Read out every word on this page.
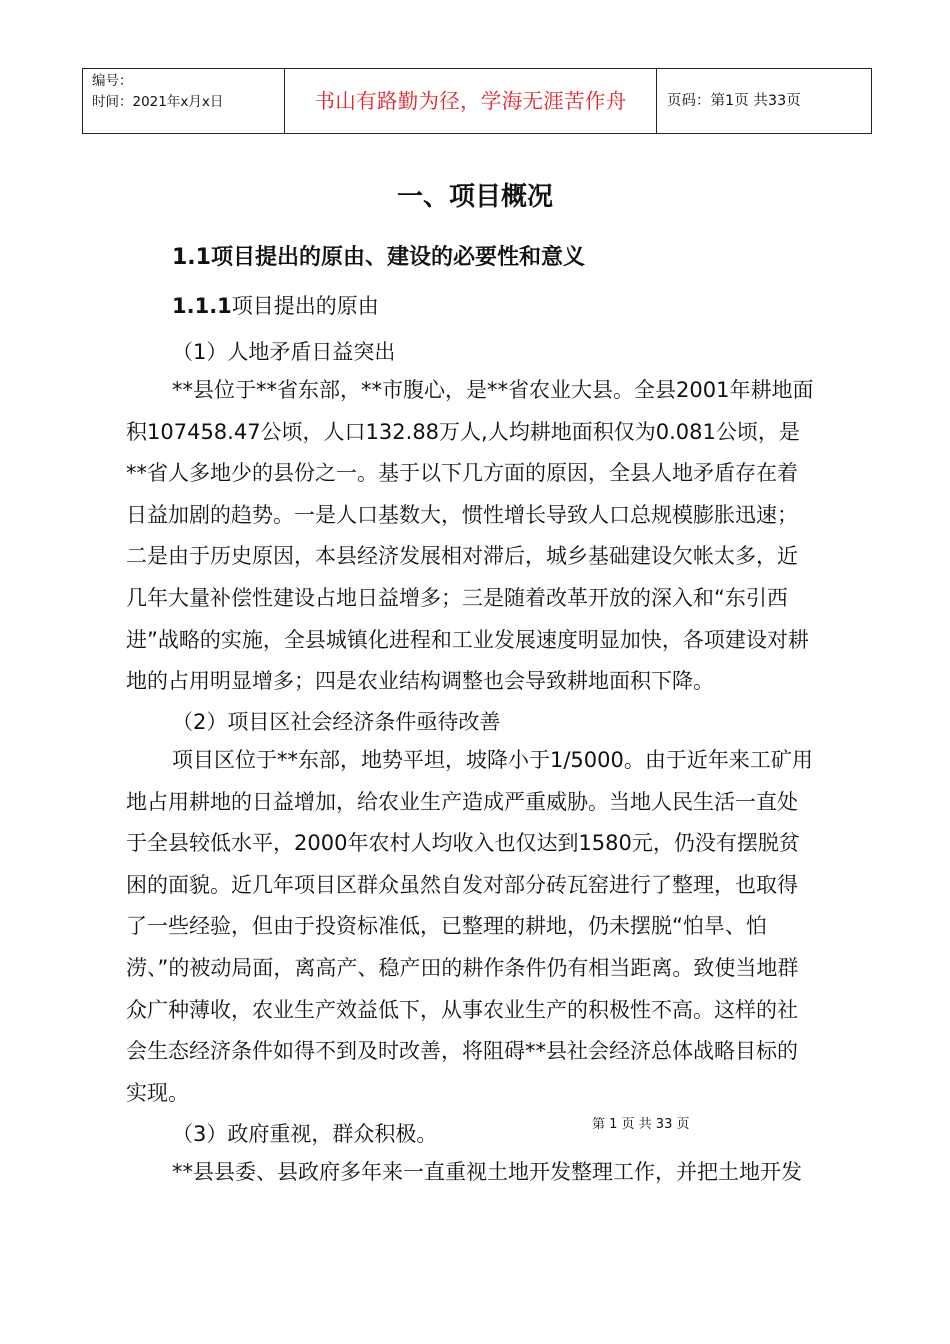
编号：
时间：2021年x月x日	书山有路勤为径，学海无涯苦作舟	页码：第1页 共33页
一、项目概况
1.1项目提出的原由、建设的必要性和意义
1.1.1项目提出的原由
（1）人地矛盾日益突出
**县位于**省东部，**市腹心，是**省农业大县。全县2001年耕地面
积107458.47公顷，人口132.88万人,人均耕地面积仅为0.081公顷，是
**省人多地少的县份之一。基于以下几方面的原因，全县人地矛盾存在着
日益加剧的趋势。一是人口基数大，惯性增长导致人口总规模膨胀迅速；
二是由于历史原因，本县经济发展相对滞后，城乡基础建设欠帐太多，近
几年大量补偿性建设占地日益增多；三是随着改革开放的深入和“东引西
进”战略的实施，全县城镇化进程和工业发展速度明显加快，各项建设对耕
地的占用明显增多；四是农业结构调整也会导致耕地面积下降。
（2）项目区社会经济条件亟待改善
项目区位于**东部，地势平坦，坡降小于1/5000。由于近年来工矿用
地占用耕地的日益增加，给农业生产造成严重威胁。当地人民生活一直处
于全县较低水平，2000年农村人均收入也仅达到1580元，仍没有摆脱贫
困的面貌。近几年项目区群众虽然自发对部分砖瓦窑进行了整理，也取得
了一些经验，但由于投资标准低，已整理的耕地，仍未摆脱“怕旱、怕
涝、”的被动局面，离高产、稳产田的耕作条件仍有相当距离。致使当地群
众广种薄收，农业生产效益低下，从事农业生产的积极性不高。这样的社
会生态经济条件如得不到及时改善，将阻碍**县社会经济总体战略目标的
实现。
（3）政府重视，群众积极。	第 1 页 共 33 页
**县县委、县政府多年来一直重视土地开发整理工作，并把土地开发
